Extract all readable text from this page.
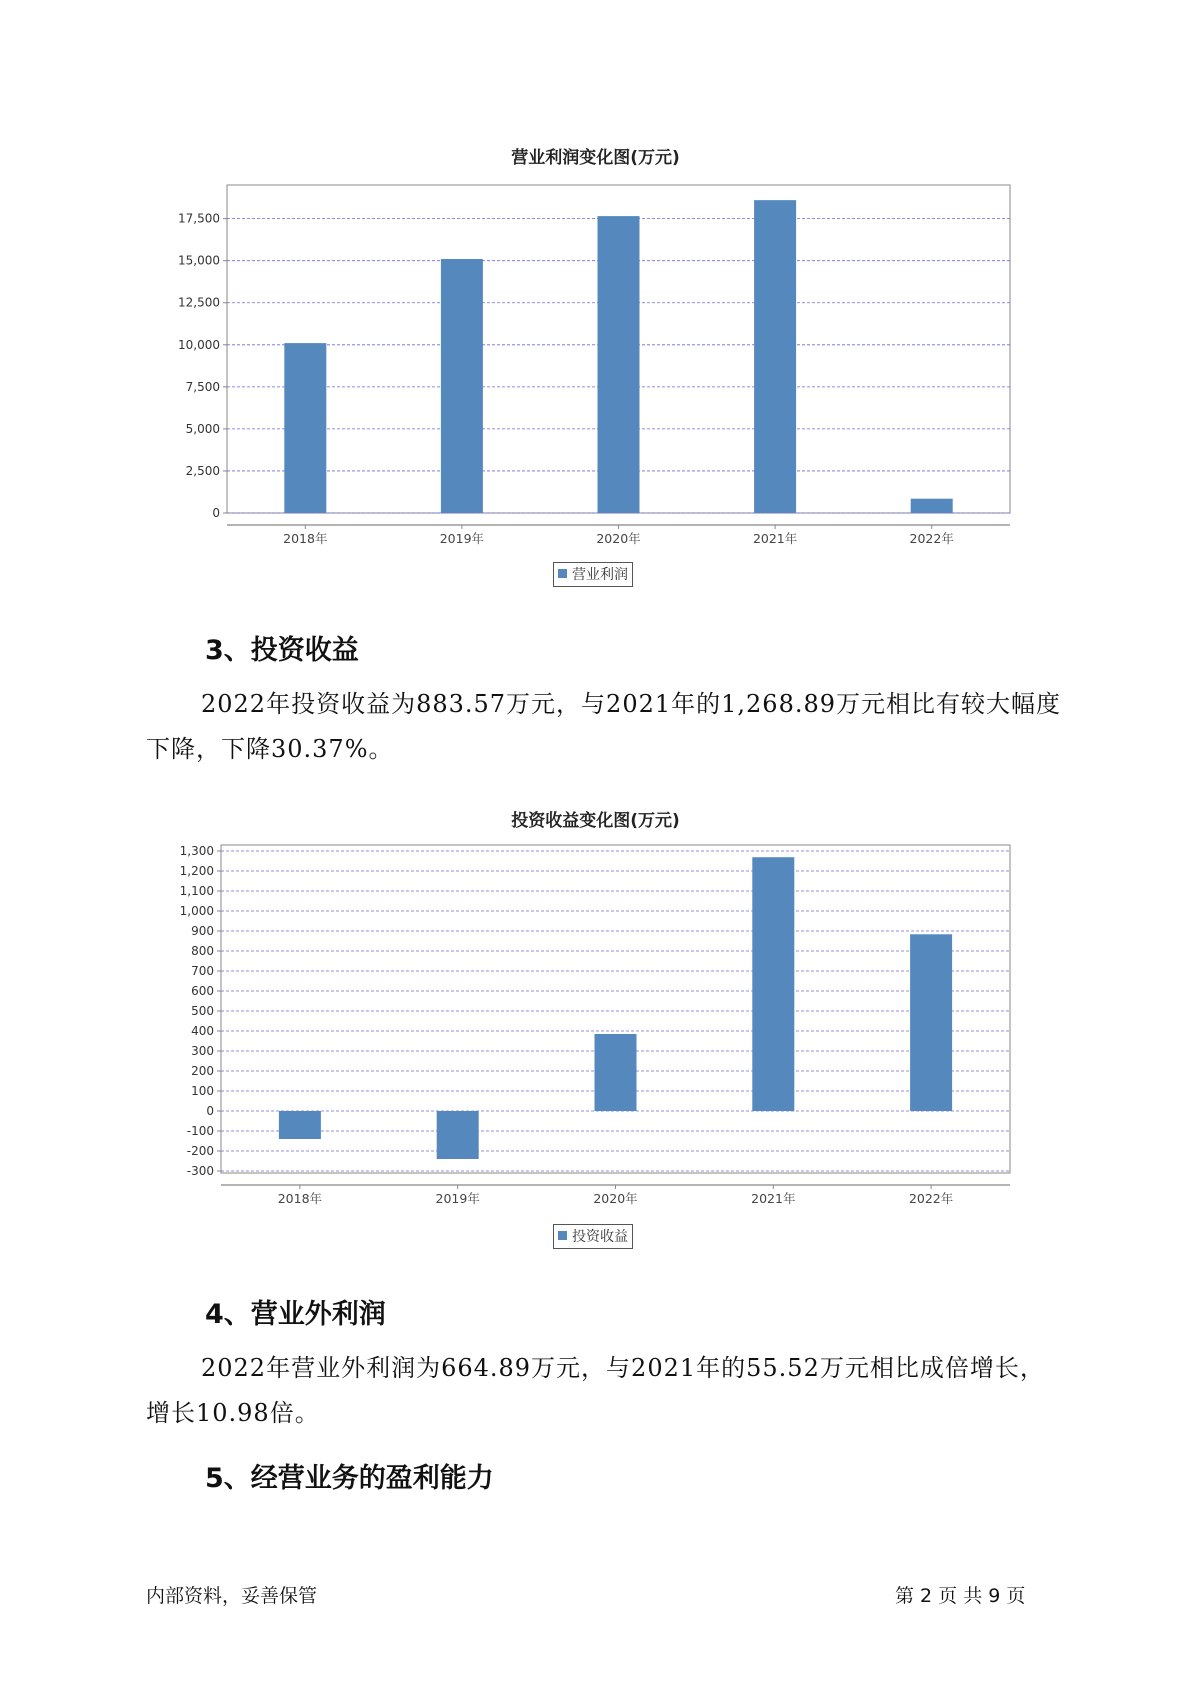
营业利润变化图(万元)
0
2,500
5,000
7,500
10,000
12,500
15,000
17,500
2018年	2019年	2020年	2021年	2022年
营业利润
3、投资收益
2022年投资收益为883.57万元，与2021年的1,268.89万元相比有较大幅度下降，下降30.37%。
投资收益变化图(万元)
-300
-200
-100
0
100
200
300
400
500
600
700
800
900
1,000
1,100
1,200
1,300
2018年	2019年	2020年	2021年	2022年
投资收益
4、营业外利润
2022年营业外利润为664.89万元，与2021年的55.52万元相比成倍增长，增长10.98倍。
5、经营业务的盈利能力
内部资料，妥善保管	第 2 页 共 9 页
